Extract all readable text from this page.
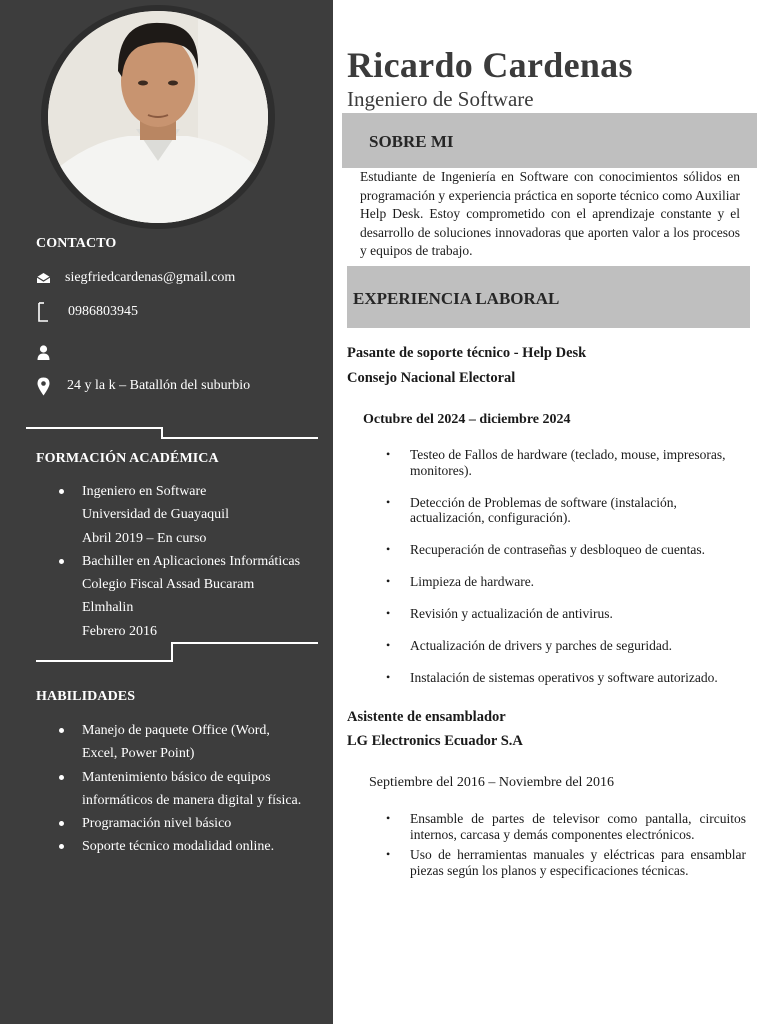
CONTACTO
siegfriedcardenas@gmail.com
0986803945
24 y la k – Batallón del suburbio
FORMACIÓN ACADÉMICA
Ingeniero en Software
Universidad de Guayaquil
Abril 2019 – En curso
Bachiller en Aplicaciones Informáticas
Colegio Fiscal Assad Bucaram
Elmhalin
Febrero 2016
HABILIDADES
Manejo de paquete Office (Word,
Excel, Power Point)
Mantenimiento básico de equipos
informáticos de manera digital y física.
Programación nivel básico
Soporte técnico modalidad online.
Ricardo Cardenas
Ingeniero de Software
SOBRE MI

Estudiante de Ingeniería en Software con conocimientos sólidos en programación y experiencia práctica en soporte técnico como Auxiliar Help Desk. Estoy comprometido con el aprendizaje constante y el desarrollo de soluciones innovadoras que aporten valor a los procesos y equipos de trabajo.

EXPERIENCIA LABORAL
Pasante de soporte técnico - Help Desk
Consejo Nacional Electoral
Octubre del 2024 – diciembre 2024
• Testeo de Fallos de hardware (teclado, mouse, impresoras, monitores).
• Detección de Problemas de software (instalación, actualización, configuración).
• Recuperación de contraseñas y desbloqueo de cuentas.
• Limpieza de hardware.
• Revisión y actualización de antivirus.
• Actualización de drivers y parches de seguridad.
• Instalación de sistemas operativos y software autorizado.
Asistente de ensamblador
LG Electronics Ecuador S.A
Septiembre del 2016 – Noviembre del 2016
• Ensamble de partes de televisor como pantalla, circuitos internos, carcasa y demás componentes electrónicos.
• Uso de herramientas manuales y eléctricas para ensamblar piezas según los planos y especificaciones técnicas.
